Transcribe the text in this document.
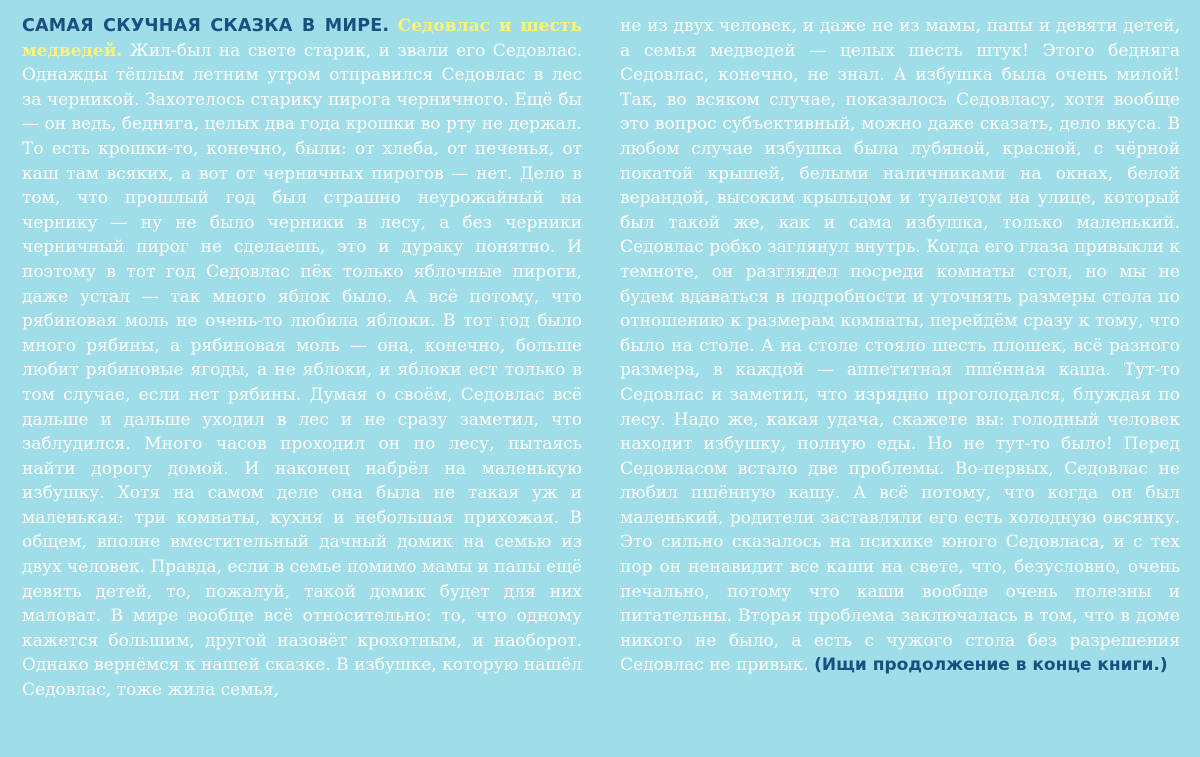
САМАЯ СКУЧНАЯ СКАЗКА В МИРЕ. Седовлас и шесть медведей. Жил-был на свете старик, и звали его Седовлас. Однажды тёплым летним утром отправился Седовлас в лес за черникой. Захотелось старику пирога черничного. Ещё бы — он ведь, бедняга, целых два года крошки во рту не держал. То есть крошки-то, конечно, были: от хлеба, от печенья, от каш там всяких, а вот от черничных пирогов — нет. Дело в том, что прошлый год был страшно неурожайный на чернику — ну не было черники в лесу, а без черники черничный пирог не сделаешь, это и дураку понятно. И поэтому в тот год Седовлас пёк только яблочные пироги, даже устал — так много яблок было. А всё потому, что рябиновая моль не очень-то любила яблоки. В тот год было много рябины, а рябиновая моль — она, конечно, больше любит рябиновые ягоды, а не яблоки, и яблоки ест только в том случае, если нет рябины. Думая о своём, Седовлас всё дальше и дальше уходил в лес и не сразу заметил, что заблудился. Много часов проходил он по лесу, пытаясь найти дорогу домой. И наконец набрёл на маленькую избушку. Хотя на самом деле она была не такая уж и маленькая: три комнаты, кухня и небольшая прихожая. В общем, вполне вместительный дачный домик на семью из двух человек. Правда, если в семье помимо мамы и папы ещё девять детей, то, пожалуй, такой домик будет для них маловат. В мире вообще всё относительно: то, что одному кажется большим, другой назовёт крохотным, и наоборот. Однако вернёмся к нашей сказке. В избушке, которую нашёл Седовлас, тоже жила семья,

не из двух человек, и даже не из мамы, папы и девяти детей, а семья медведей — целых шесть штук! Этого беднягa Седовлас, конечно, не знал. А избушка была очень милой! Так, во всяком случае, показалось Седовласу, хотя вообще это вопрос субъективный, можно даже сказать, дело вкуса. В любом случае избушка была лубяной, красной, с чёрной покатой крышей, белыми наличниками на окнах, белой верандой, высоким крыльцом и туалетом на улице, который был такой же, как и сама избушка, только маленький. Седовлас робко заглянул внутрь. Когда его глаза привыкли к темноте, он разглядел посреди комнаты стол, но мы не будем вдаваться в подробности и уточнять размеры стола по отношению к размерам комнаты, перейдём сразу к тому, что было на столе. А на столе стояло шесть плошек, всё разного размера, в каждой — аппетитная пшённая каша. Тут-то Седовлас и заметил, что изрядно проголодался, блуждая по лесу. Надо же, какая удача, скажете вы: голодный человек находит избушку, полную еды. Но не тут-то было! Перед Седовласом встало две проблемы. Во-первых, Седовлас не любил пшённую кашу. А всё потому, что когда он был маленький, родители заставляли его есть холодную овсянку. Это сильно сказалось на психике юного Седовласа, и с тех пор он ненавидит все каши на свете, что, безусловно, очень печально, потому что каши вообще очень полезны и питательны. Вторая проблема заключалась в том, что в доме никого не было, а есть с чужого стола без разрешения Седовлас не привык. (Ищи продолжение в конце книги.)
